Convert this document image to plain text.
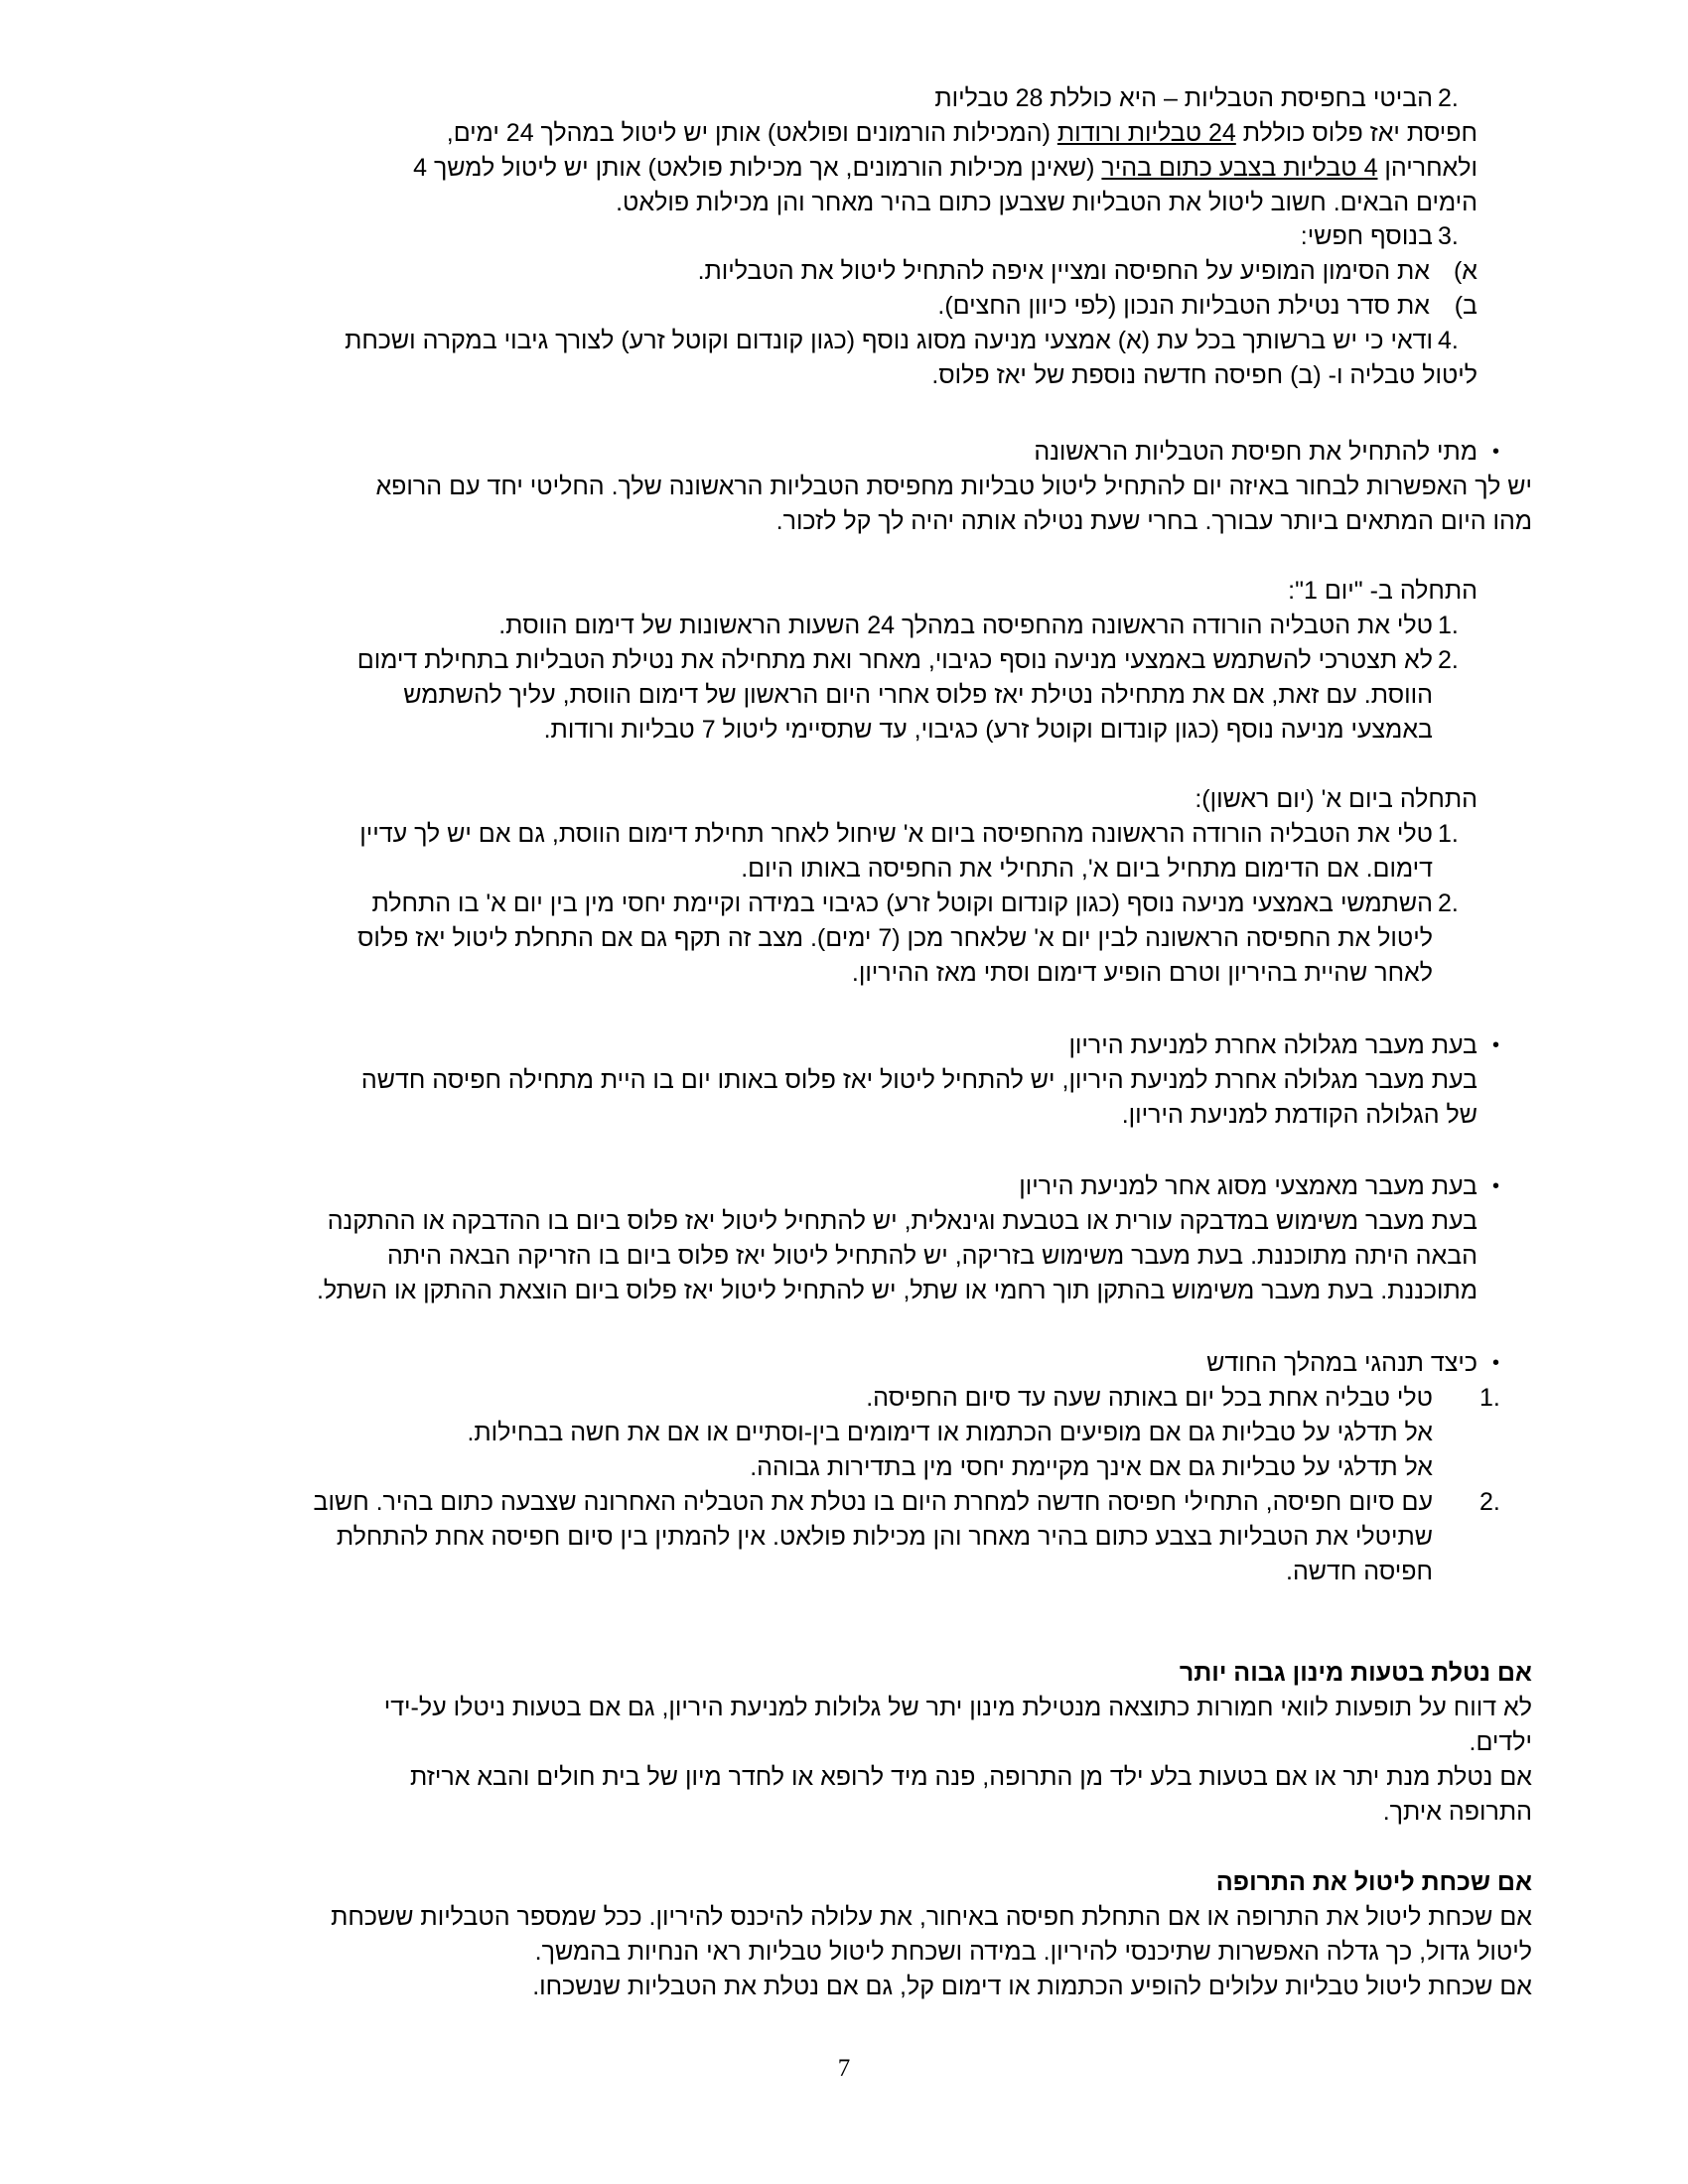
2.
הביטי בחפיסת הטבליות – היא כוללת 28 טבליות
חפיסת יאז פלוס כוללת 24 טבליות ורודות (המכילות הורמונים ופולאט) אותן יש ליטול במהלך 24 ימים,
ולאחריהן 4 טבליות בצבע כתום בהיר (שאינן מכילות הורמונים, אך מכילות פולאט) אותן יש ליטול למשך 4
הימים הבאים. חשוב ליטול את הטבליות שצבען כתום בהיר מאחר והן מכילות פולאט.
3.
בנוסף חפשי:
א)
את הסימון המופיע על החפיסה ומציין איפה להתחיל ליטול את הטבליות.
ב)
את סדר נטילת הטבליות הנכון (לפי כיוון החצים).
4.
ודאי כי יש ברשותך בכל עת (א) אמצעי מניעה מסוג נוסף (כגון קונדום וקוטל זרע) לצורך גיבוי במקרה ושכחת
ליטול טבליה ו- (ב) חפיסה חדשה נוספת של יאז פלוס.
•
מתי להתחיל את חפיסת הטבליות הראשונה
יש לך האפשרות לבחור באיזה יום להתחיל ליטול טבליות מחפיסת הטבליות הראשונה שלך. החליטי יחד עם הרופא
מהו היום המתאים ביותר עבורך. בחרי שעת נטילה אותה יהיה לך קל לזכור.
התחלה ב- "יום 1":
1.
טלי את הטבליה הורודה הראשונה מהחפיסה במהלך 24 השעות הראשונות של דימום הווסת.
2.
לא תצטרכי להשתמש באמצעי מניעה נוסף כגיבוי, מאחר ואת מתחילה את נטילת הטבליות בתחילת דימום
הווסת. עם זאת, אם את מתחילה נטילת יאז פלוס אחרי היום הראשון של דימום הווסת, עליך להשתמש
באמצעי מניעה נוסף (כגון קונדום וקוטל זרע) כגיבוי, עד שתסיימי ליטול 7 טבליות ורודות.
התחלה ביום א' (יום ראשון):
1.
טלי את הטבליה הורודה הראשונה מהחפיסה ביום א' שיחול לאחר תחילת דימום הווסת, גם אם יש לך עדיין
דימום. אם הדימום מתחיל ביום א', התחילי את החפיסה באותו היום.
2.
השתמשי באמצעי מניעה נוסף (כגון קונדום וקוטל זרע) כגיבוי במידה וקיימת יחסי מין בין יום א' בו התחלת
ליטול את החפיסה הראשונה לבין יום א' שלאחר מכן (7 ימים). מצב זה תקף גם אם התחלת ליטול יאז פלוס
לאחר שהיית בהיריון וטרם הופיע דימום וסתי מאז ההיריון.
•
בעת מעבר מגלולה אחרת למניעת היריון
בעת מעבר מגלולה אחרת למניעת היריון, יש להתחיל ליטול יאז פלוס באותו יום בו היית מתחילה חפיסה חדשה
של הגלולה הקודמת למניעת היריון.
•
בעת מעבר מאמצעי מסוג אחר למניעת היריון
בעת מעבר משימוש במדבקה עורית או בטבעת וגינאלית, יש להתחיל ליטול יאז פלוס ביום בו ההדבקה או ההתקנה
הבאה היתה מתוכננת. בעת מעבר משימוש בזריקה, יש להתחיל ליטול יאז פלוס ביום בו הזריקה הבאה היתה
מתוכננת. בעת מעבר משימוש בהתקן תוך רחמי או שתל, יש להתחיל ליטול יאז פלוס ביום הוצאת ההתקן או השתל.
•
כיצד תנהגי במהלך החודש
1.
טלי טבליה אחת בכל יום באותה שעה עד סיום החפיסה.
אל תדלגי על טבליות גם אם מופיעים הכתמות או דימומים בין-וסתיים או אם את חשה בבחילות.
אל תדלגי על טבליות גם אם אינך מקיימת יחסי מין בתדירות גבוהה.
2.
עם סיום חפיסה, התחילי חפיסה חדשה למחרת היום בו נטלת את הטבליה האחרונה שצבעה כתום בהיר. חשוב
שתיטלי את הטבליות בצבע כתום בהיר מאחר והן מכילות פולאט. אין להמתין בין סיום חפיסה אחת להתחלת
חפיסה חדשה.
אם נטלת בטעות מינון גבוה יותר
לא דווח על תופעות לוואי חמורות כתוצאה מנטילת מינון יתר של גלולות למניעת היריון, גם אם בטעות ניטלו על-ידי
ילדים.
אם נטלת מנת יתר או אם בטעות בלע ילד מן התרופה, פנה מיד לרופא או לחדר מיון של בית חולים והבא אריזת
התרופה איתך.
אם שכחת ליטול את התרופה
אם שכחת ליטול את התרופה או אם התחלת חפיסה באיחור, את עלולה להיכנס להיריון. ככל שמספר הטבליות ששכחת
ליטול גדול, כך גדלה האפשרות שתיכנסי להיריון. במידה ושכחת ליטול טבליות ראי הנחיות בהמשך.
אם שכחת ליטול טבליות עלולים להופיע הכתמות או דימום קל, גם אם נטלת את הטבליות שנשכחו.
7
